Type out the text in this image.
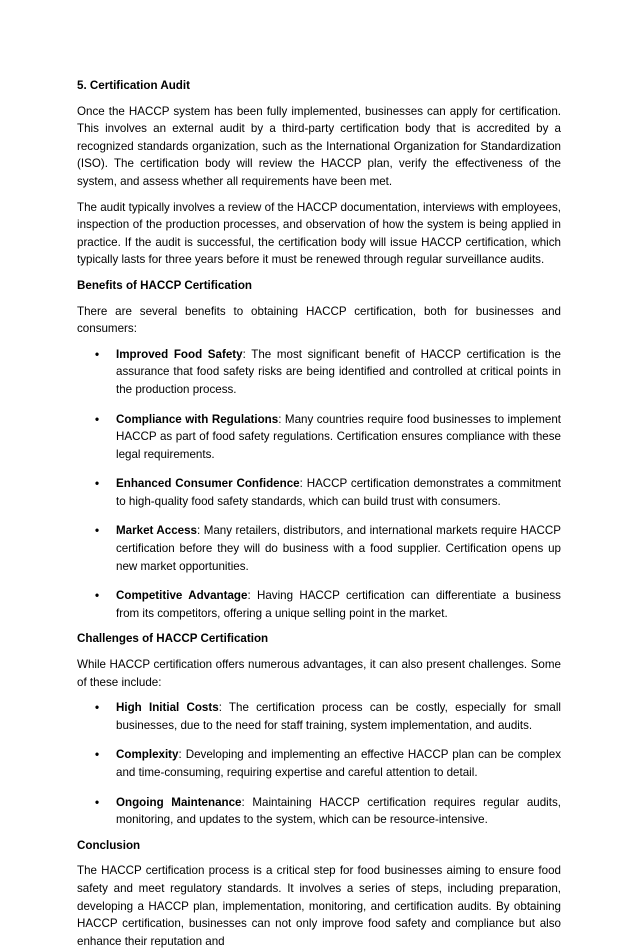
5. Certification Audit

Once the HACCP system has been fully implemented, businesses can apply for certification. This involves an external audit by a third-party certification body that is accredited by a recognized standards organization, such as the International Organization for Standardization (ISO). The certification body will review the HACCP plan, verify the effectiveness of the system, and assess whether all requirements have been met.

The audit typically involves a review of the HACCP documentation, interviews with employees, inspection of the production processes, and observation of how the system is being applied in practice. If the audit is successful, the certification body will issue HACCP certification, which typically lasts for three years before it must be renewed through regular surveillance audits.

Benefits of HACCP Certification

There are several benefits to obtaining HACCP certification, both for businesses and consumers:

• Improved Food Safety: The most significant benefit of HACCP certification is the assurance that food safety risks are being identified and controlled at critical points in the production process.
• Compliance with Regulations: Many countries require food businesses to implement HACCP as part of food safety regulations. Certification ensures compliance with these legal requirements.
• Enhanced Consumer Confidence: HACCP certification demonstrates a commitment to high-quality food safety standards, which can build trust with consumers.
• Market Access: Many retailers, distributors, and international markets require HACCP certification before they will do business with a food supplier. Certification opens up new market opportunities.
• Competitive Advantage: Having HACCP certification can differentiate a business from its competitors, offering a unique selling point in the market.
Challenges of HACCP Certification

While HACCP certification offers numerous advantages, it can also present challenges. Some of these include:

• High Initial Costs: The certification process can be costly, especially for small businesses, due to the need for staff training, system implementation, and audits.
• Complexity: Developing and implementing an effective HACCP plan can be complex and time-consuming, requiring expertise and careful attention to detail.
• Ongoing Maintenance: Maintaining HACCP certification requires regular audits, monitoring, and updates to the system, which can be resource-intensive.
Conclusion

The HACCP certification process is a critical step for food businesses aiming to ensure food safety and meet regulatory standards. It involves a series of steps, including preparation, developing a HACCP plan, implementation, monitoring, and certification audits. By obtaining HACCP certification, businesses can not only improve food safety and compliance but also enhance their reputation and
